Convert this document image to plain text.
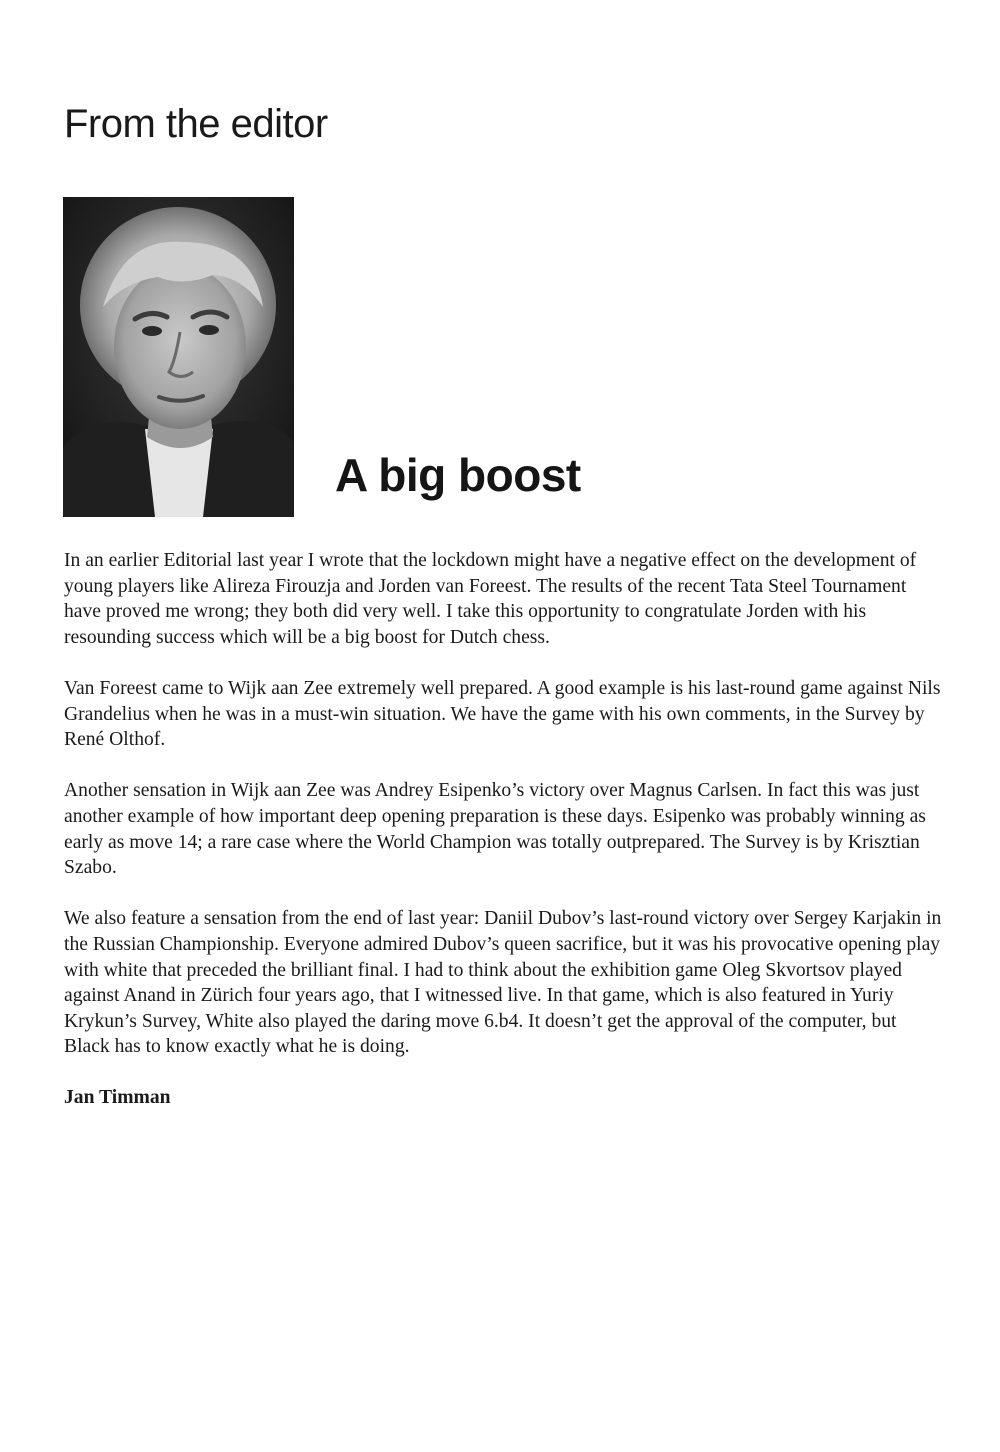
From the editor
A big boost

In an earlier Editorial last year I wrote that the lockdown might have a negative effect on the development of young players like Alireza Firouzja and Jorden van Foreest. The results of the recent Tata Steel Tournament have proved me wrong; they both did very well. I take this opportunity to congratulate Jorden with his resounding success which will be a big boost for Dutch chess.

Van Foreest came to Wijk aan Zee extremely well prepared. A good example is his last-round game against Nils Grandelius when he was in a must-win situation. We have the game with his own comments, in the Survey by René Olthof.

Another sensation in Wijk aan Zee was Andrey Esipenko’s victory over Magnus Carlsen. In fact this was just another example of how important deep opening preparation is these days. Esipenko was probably winning as early as move 14; a rare case where the World Champion was totally outprepared. The Survey is by Krisztian Szabo.

We also feature a sensation from the end of last year: Daniil Dubov’s last-round victory over Sergey Karjakin in the Russian Championship. Everyone admired Dubov’s queen sacrifice, but it was his provocative opening play with white that preceded the brilliant final. I had to think about the exhibition game Oleg Skvortsov played against Anand in Zürich four years ago, that I witnessed live. In that game, which is also featured in Yuriy Krykun’s Survey, White also played the daring move 6.b4. It doesn’t get the approval of the computer, but Black has to know exactly what he is doing.

Jan Timman
